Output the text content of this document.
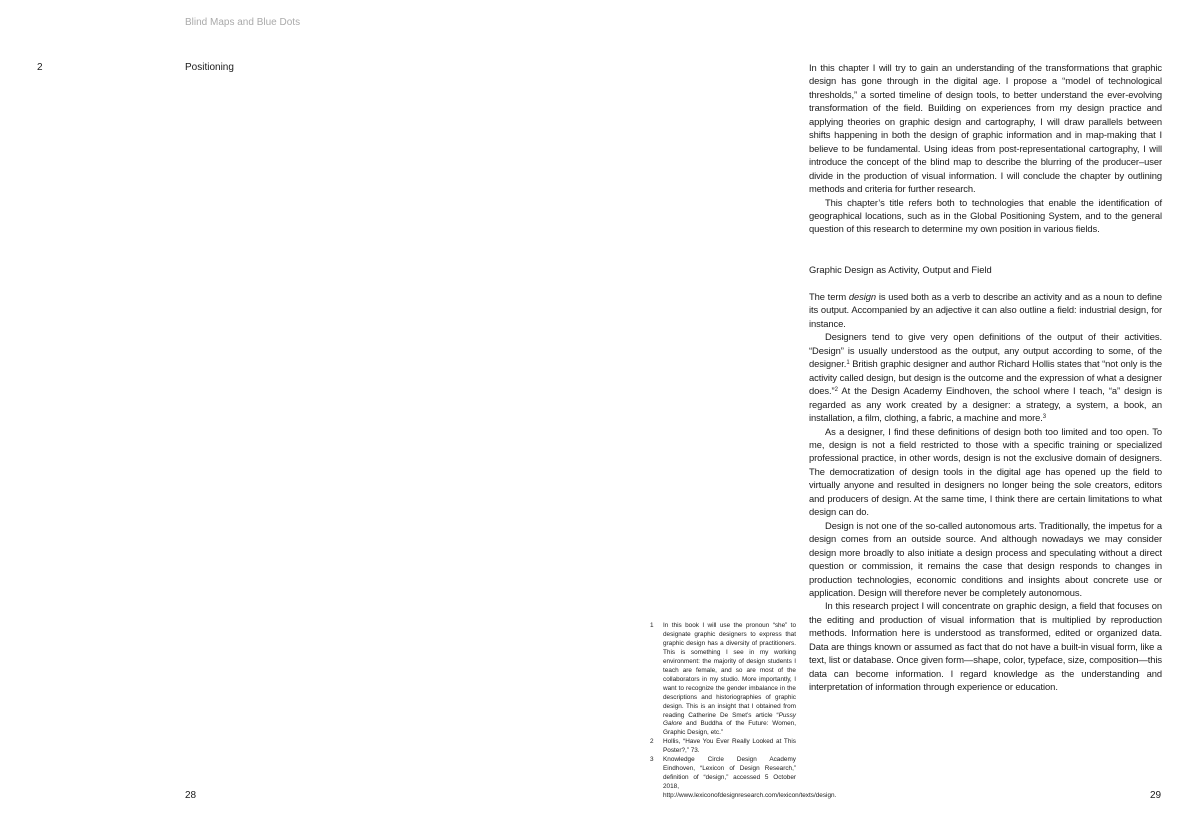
Blind Maps and Blue Dots
2	Positioning	In this chapter I will try to gain an understanding of the transformations that graphic design has gone through in the digital age. I propose a “model of technological thresholds,” a sorted timeline of design tools, to better understand the ever-evolving transformation of the field. Building on experiences from my design practice and applying theories on graphic design and cartography, I will draw parallels between shifts happening in both the design of graphic information and in map-making that I believe to be fundamental. Using ideas from post-representational cartography, I will introduce the concept of the blind map to describe the blurring of the producer–user divide in the production of visual information. I will conclude the chapter by outlining methods and criteria for further research.

This chapter’s title refers both to technologies that enable the identification of geographical locations, such as in the Global Positioning System, and to the general question of this research to determine my own position in various fields.

Graphic Design as Activity, Output and Field

The term design is used both as a verb to describe an activity and as a noun to define its output. Accompanied by an adjective it can also outline a field: industrial design, for instance.

Designers tend to give very open definitions of the output of their activities. “Design” is usually understood as the output, any output according to some, of the designer.$^1$ British graphic designer and author Richard Hollis states that “not only is the activity called design, but design is the outcome and the expression of what a designer does.”$^2$ At the Design Academy Eindhoven, the school where I teach, “a” design is regarded as any work created by a designer: a strategy, a system, a book, an installation, a film, clothing, a fabric, a machine and more.$^3$

As a designer, I find these definitions of design both too limited and too open. To me, design is not a field restricted to those with a specific training or specialized professional practice, in other words, design is not the exclusive domain of designers. The democratization of design tools in the digital age has opened up the field to virtually anyone and resulted in designers no longer being the sole creators, editors and producers of design. At the same time, I think there are certain limitations to what design can do.

Design is not one of the so-called autonomous arts. Traditionally, the impetus for a design comes from an outside source. And although nowadays we may consider design more broadly to also initiate a design process and speculating without a direct question or commission, it remains the case that design responds to changes in production technologies, economic conditions and insights about concrete use or application. Design will therefore never be completely autonomous.

In this research project I will concentrate on graphic design, a field that focuses on the editing and production of visual information that is multiplied by reproduction methods. Information here is understood as transformed, edited or organized data. Data are things known or assumed as fact that do not have a built-in visual form, like a text, list or database. Once given form—shape, color, typeface, size, composition—this data can become information. I regard knowledge as the understanding and interpretation of information through experience or education.

1 In this book I will use the pronoun “she” to designate graphic designers to express that graphic design has a diversity of practitioners. This is something I see in my working environment: the majority of design students I teach are female, and so are most of the collaborators in my studio. More importantly, I want to recognize the gender imbalance in the descriptions and historiographies of graphic design. This is an insight that I obtained from reading Catherine De Smet’s article “Pussy Galore and Buddha of the Future: Women, Graphic Design, etc.”
2 Hollis, “Have You Ever Really Looked at This Poster?,” 73.
3 Knowledge Circle Design Academy Eindhoven, “Lexicon of Design Research,” definition of “design,” accessed 5 October 2018, http://www.lexiconofdesignresearch.com/lexicon/texts/design.
28	29
